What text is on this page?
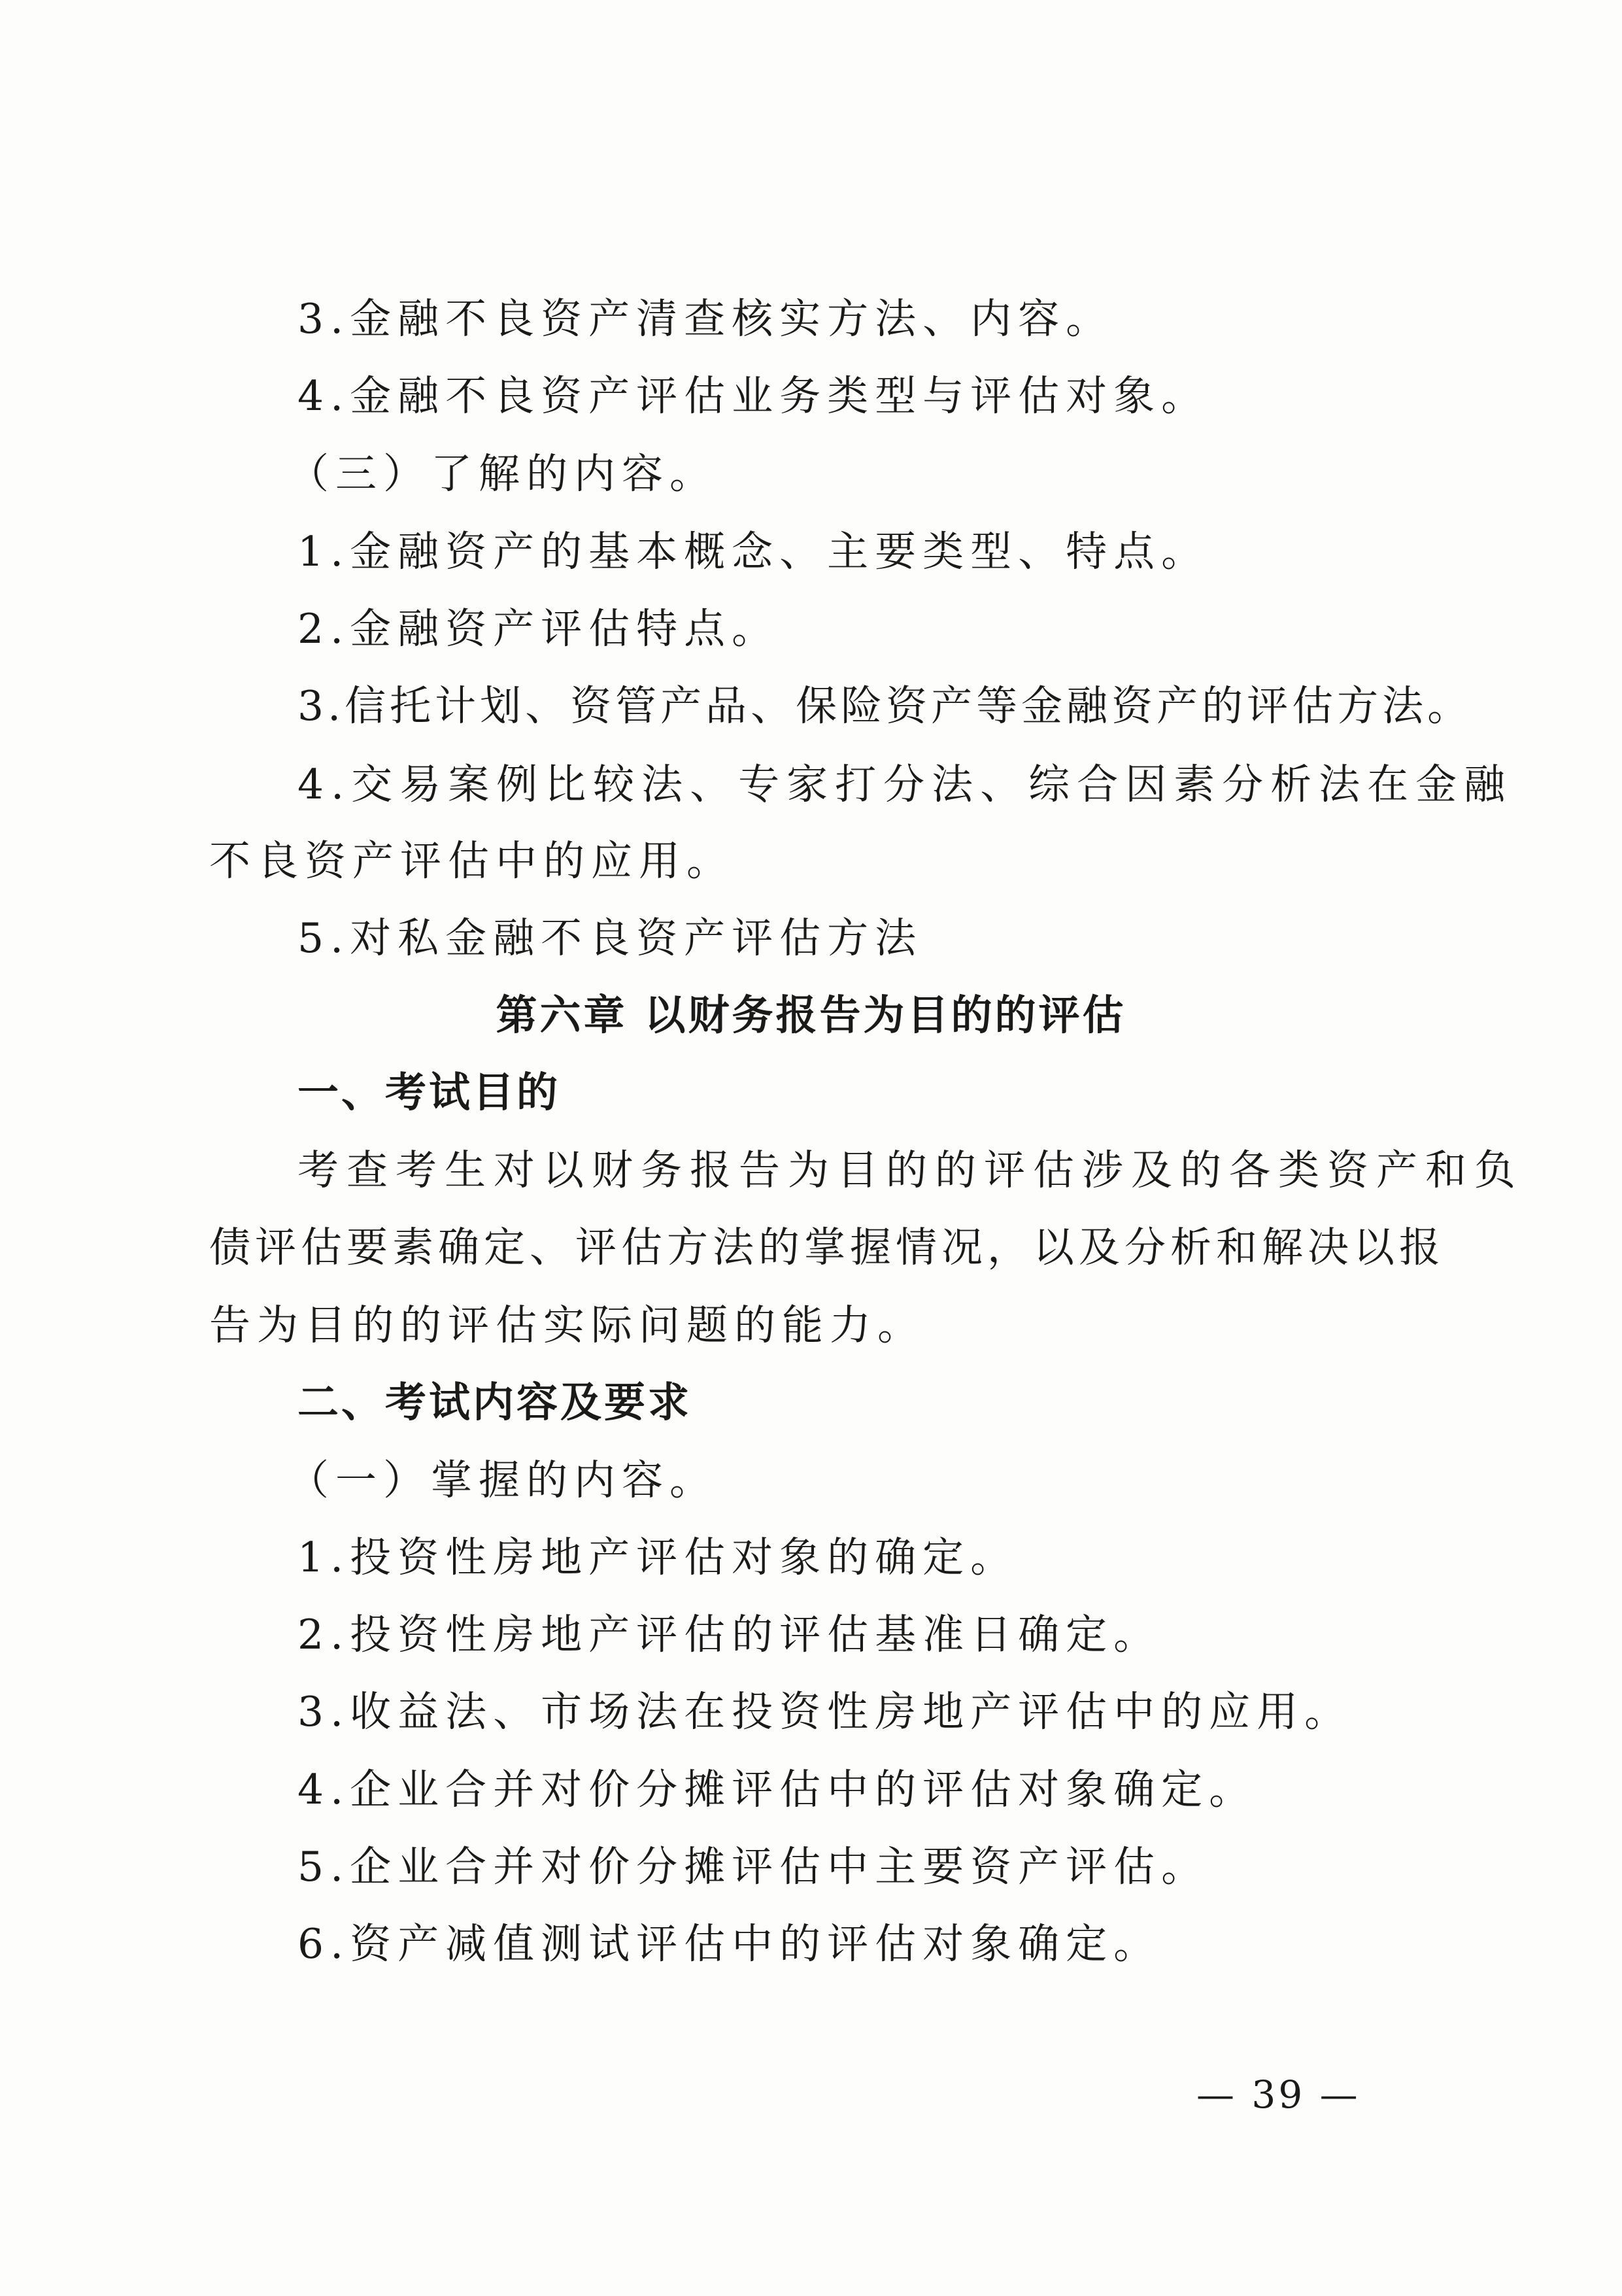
3.金融不良资产清查核实方法、内容。
4.金融不良资产评估业务类型与评估对象。
（三）了解的内容。
1.金融资产的基本概念、主要类型、特点。
2.金融资产评估特点。
3.信托计划、资管产品、保险资产等金融资产的评估方法。
4.交易案例比较法、专家打分法、综合因素分析法在金融
不良资产评估中的应用。
5.对私金融不良资产评估方法
第六章 以财务报告为目的的评估
一、考试目的
考查考生对以财务报告为目的的评估涉及的各类资产和负
债评估要素确定、评估方法的掌握情况，以及分析和解决以报
告为目的的评估实际问题的能力。
二、考试内容及要求
（一）掌握的内容。
1.投资性房地产评估对象的确定。
2.投资性房地产评估的评估基准日确定。
3.收益法、市场法在投资性房地产评估中的应用。
4.企业合并对价分摊评估中的评估对象确定。
5.企业合并对价分摊评估中主要资产评估。
6.资产减值测试评估中的评估对象确定。
— 39 —
